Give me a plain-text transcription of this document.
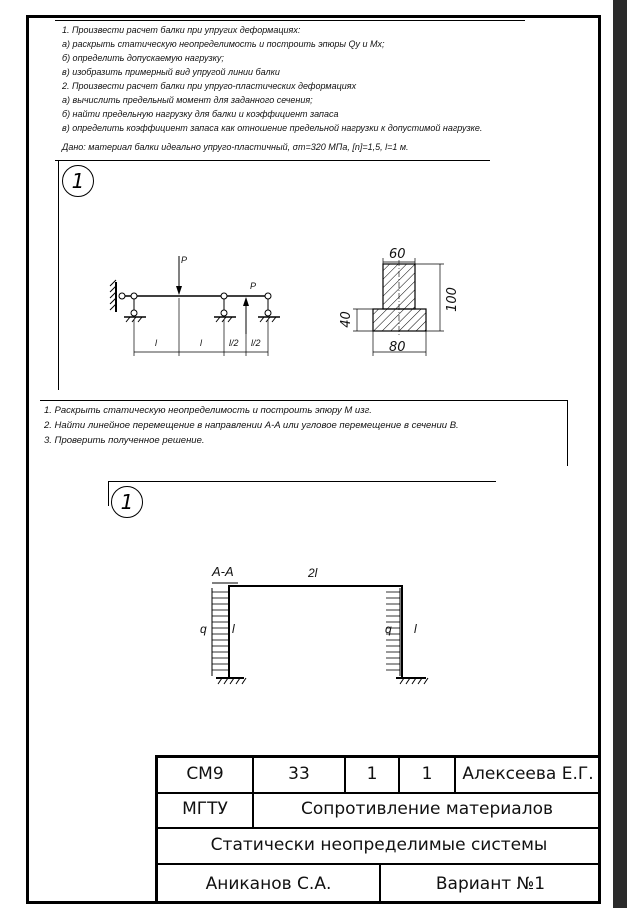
1. Произвести расчет балки при упругих деформациях:
а) раскрыть статическую неопределимость и построить эпюры Qy и Mx;
б) определить допускаемую нагрузку;
в) изобразить примерный вид упругой линии балки
2. Произвести расчет балки при упруго-пластических деформациях
а) вычислить предельный момент для заданного сечения;
б) найти предельную нагрузку для балки и коэффициент запаса
в) определить коэффициент запаса как отношение предельной нагрузки к допустимой нагрузке.
Дано: материал балки идеально упруго-пластичный, σт=320 МПа, [n]=1,5, l=1 м.
1
P
P
l	l	l/2 l/2
60
80
100
40
1. Раскрыть статическую неопределимость и построить эпюру M изг.
2. Найти линейное перемещение в направлении A-A или угловое перемещение в сечении B.
3. Проверить полученное решение.
1
A-A	2l
q l	q l
СМ9	33	1	1	Алексеева Е.Г.
МГТУ	Сопротивление материалов
Статически неопределимые системы
Аниканов С.А.	Вариант №1
